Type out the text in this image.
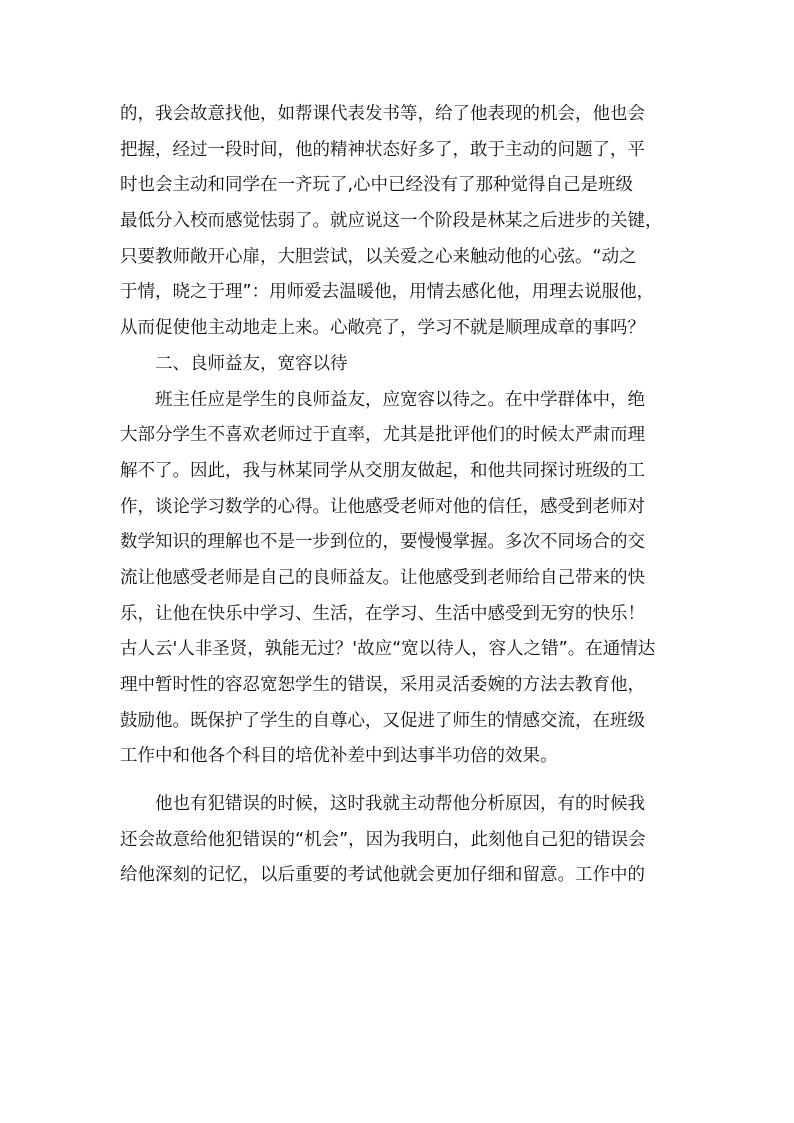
的，我会故意找他，如帮课代表发书等，给了他表现的机会，他也会
把握，经过一段时间，他的精神状态好多了，敢于主动的问题了，平
时也会主动和同学在一齐玩了,心中已经没有了那种觉得自己是班级
最低分入校而感觉怯弱了。就应说这一个阶段是林某之后进步的关键，
只要教师敞开心扉，大胆尝试，以关爱之心来触动他的心弦。“动之
于情，晓之于理”：用师爱去温暖他，用情去感化他，用理去说服他，
从而促使他主动地走上来。心敞亮了，学习不就是顺理成章的事吗？
　　二、良师益友，宽容以待
　　班主任应是学生的良师益友，应宽容以待之。在中学群体中，绝
大部分学生不喜欢老师过于直率，尤其是批评他们的时候太严肃而理
解不了。因此，我与林某同学从交朋友做起，和他共同探讨班级的工
作，谈论学习数学的心得。让他感受老师对他的信任，感受到老师对
数学知识的理解也不是一步到位的，要慢慢掌握。多次不同场合的交
流让他感受老师是自己的良师益友。让他感受到老师给自己带来的快
乐，让他在快乐中学习、生活，在学习、生活中感受到无穷的快乐！
古人云'人非圣贤，孰能无过？'故应“宽以待人，容人之错”。在通情达
理中暂时性的容忍宽恕学生的错误，采用灵活委婉的方法去教育他，
鼓励他。既保护了学生的自尊心，又促进了师生的情感交流，在班级
工作中和他各个科目的培优补差中到达事半功倍的效果。
　　他也有犯错误的时候，这时我就主动帮他分析原因，有的时候我
还会故意给他犯错误的“机会”，因为我明白，此刻他自己犯的错误会
给他深刻的记忆，以后重要的考试他就会更加仔细和留意。工作中的
